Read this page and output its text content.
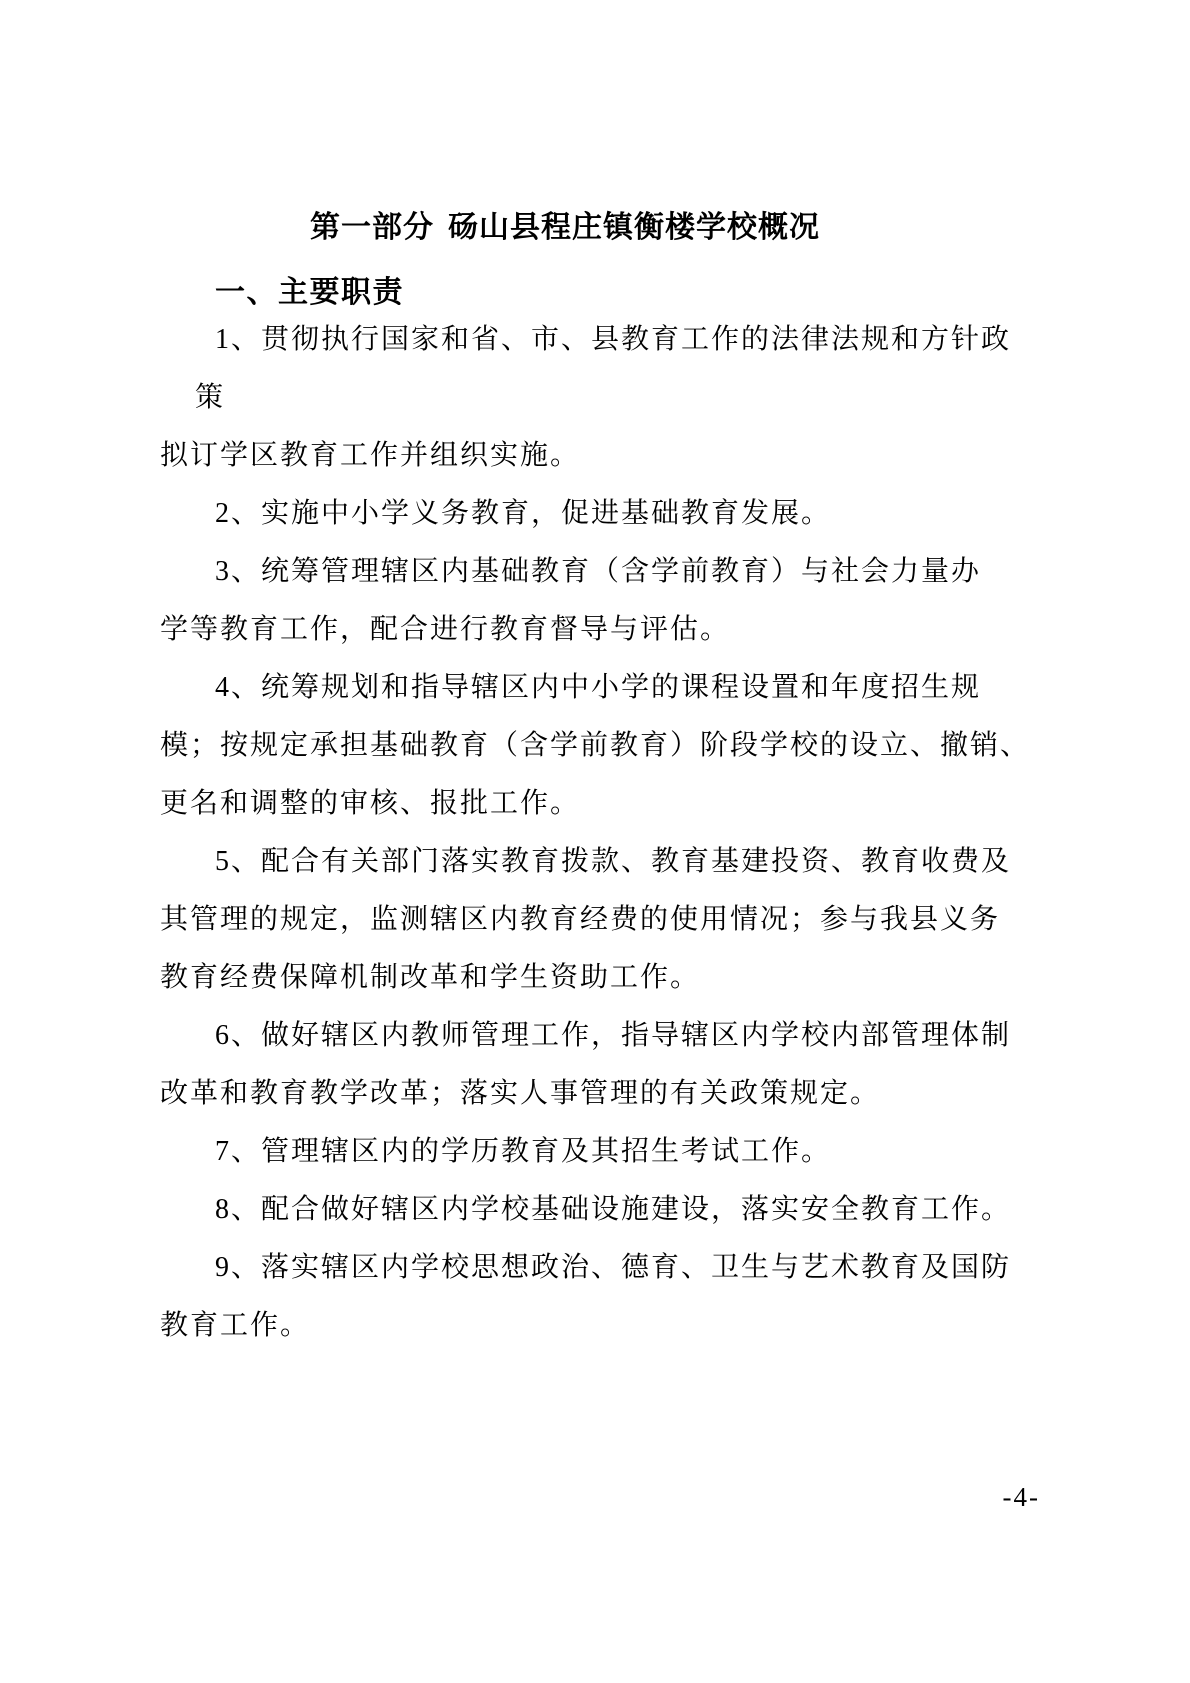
第一部分 砀山县程庄镇衡楼学校概况
一、主要职责
1、贯彻执行国家和省、市、县教育工作的法律法规和方针政
策
拟订学区教育工作并组织实施。
2、实施中小学义务教育，促进基础教育发展。
3、统筹管理辖区内基础教育（含学前教育）与社会力量办
学等教育工作，配合进行教育督导与评估。
4、统筹规划和指导辖区内中小学的课程设置和年度招生规
模；按规定承担基础教育（含学前教育）阶段学校的设立、撤销、
更名和调整的审核、报批工作。
5、配合有关部门落实教育拨款、教育基建投资、教育收费及
其管理的规定，监测辖区内教育经费的使用情况；参与我县义务
教育经费保障机制改革和学生资助工作。
6、做好辖区内教师管理工作，指导辖区内学校内部管理体制
改革和教育教学改革；落实人事管理的有关政策规定。
7、管理辖区内的学历教育及其招生考试工作。
8、配合做好辖区内学校基础设施建设，落实安全教育工作。
9、落实辖区内学校思想政治、德育、卫生与艺术教育及国防
教育工作。
-4-
